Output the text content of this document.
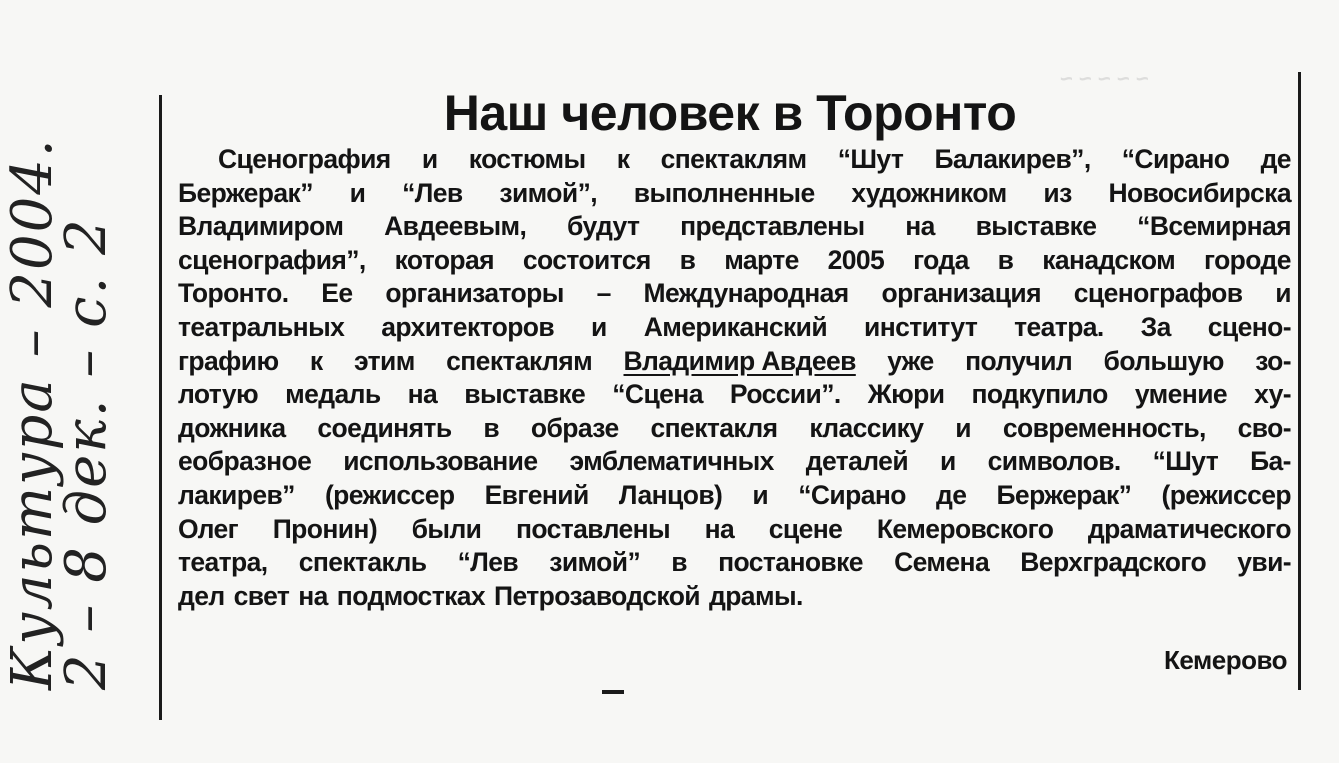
~ ~ ~ ~ ~
Культура – 2004.
2 – 8 дек. – с. 2
Наш человек в Торонто
Сценография и костюмы к спектаклям “Шут Балакирев”, “Сирано де
Бержерак” и “Лев зимой”, выполненные художником из Новосибирска
Владимиром Авдеевым, будут представлены на выставке “Всемирная
сценография”, которая состоится в марте 2005 года в канадском городе
Торонто. Ее организаторы – Международная организация сценографов и
театральных архитекторов и Американский институт театра. За сцено-
графию к этим спектаклям Владимир Авдеев уже получил большую зо-
лотую медаль на выставке “Сцена России”. Жюри подкупило умение ху-
дожника соединять в образе спектакля классику и современность, сво-
еобразное использование эмблематичных деталей и символов. “Шут Ба-
лакирев” (режиссер Евгений Ланцов) и “Сирано де Бержерак” (режиссер
Олег Пронин) были поставлены на сцене Кемеровского драматического
театра, спектакль “Лев зимой” в постановке Семена Верхградского уви-
дел свет на подмостках Петрозаводской драмы.
Кемерово
